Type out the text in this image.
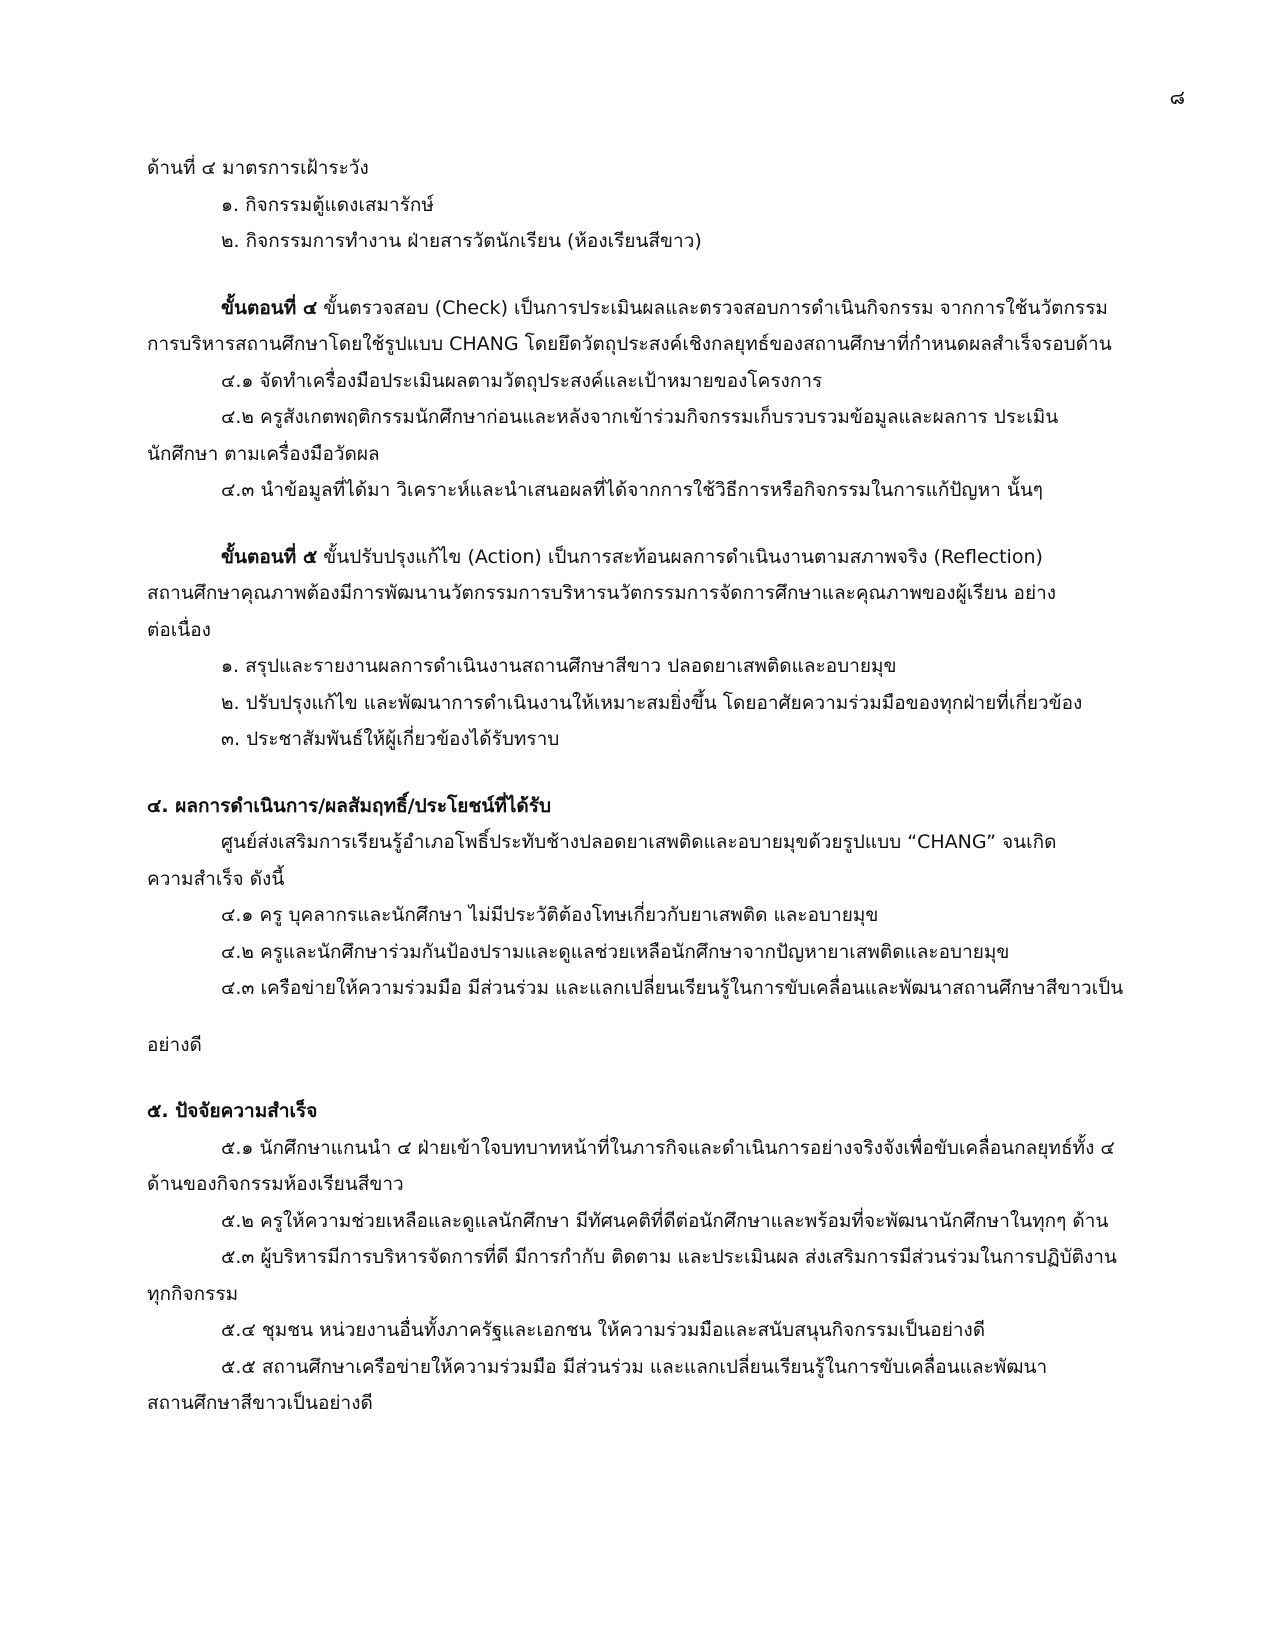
๘
ด้านที่ ๔ มาตรการเฝ้าระวัง
๑. กิจกรรมตู้แดงเสมารักษ์
๒. กิจกรรมการทำงาน ฝ่ายสารวัตนักเรียน (ห้องเรียนสีขาว)
ขั้นตอนที่ ๔ ขั้นตรวจสอบ (Check) เป็นการประเมินผลและตรวจสอบการดำเนินกิจกรรม จากการใช้นวัตกรรม
การบริหารสถานศึกษาโดยใช้รูปแบบ CHANG โดยยึดวัตถุประสงค์เชิงกลยุทธ์ของสถานศึกษาที่กำหนดผลสำเร็จรอบด้าน
๔.๑ จัดทำเครื่องมือประเมินผลตามวัตถุประสงค์และเป้าหมายของโครงการ
๔.๒ ครูสังเกตพฤติกรรมนักศึกษาก่อนและหลังจากเข้าร่วมกิจกรรมเก็บรวบรวมข้อมูลและผลการ ประเมิน
นักศึกษา ตามเครื่องมือวัดผล
๔.๓ นำข้อมูลที่ได้มา วิเคราะห์และนำเสนอผลที่ได้จากการใช้วิธีการหรือกิจกรรมในการแก้ปัญหา นั้นๆ
ขั้นตอนที่ ๕ ขั้นปรับปรุงแก้ไข (Action) เป็นการสะท้อนผลการดำเนินงานตามสภาพจริง (Reflection)
สถานศึกษาคุณภาพต้องมีการพัฒนานวัตกรรมการบริหารนวัตกรรมการจัดการศึกษาและคุณภาพของผู้เรียน อย่าง
ต่อเนื่อง
๑. สรุปและรายงานผลการดำเนินงานสถานศึกษาสีขาว ปลอดยาเสพติดและอบายมุข
๒. ปรับปรุงแก้ไข และพัฒนาการดำเนินงานให้เหมาะสมยิ่งขึ้น โดยอาศัยความร่วมมือของทุกฝ่ายที่เกี่ยวข้อง
๓. ประชาสัมพันธ์ให้ผู้เกี่ยวข้องได้รับทราบ
๔. ผลการดำเนินการ/ผลสัมฤทธิ์/ประโยชน์ที่ได้รับ
ศูนย์ส่งเสริมการเรียนรู้อำเภอโพธิ์ประทับช้างปลอดยาเสพติดและอบายมุขด้วยรูปแบบ “CHANG” จนเกิด
ความสำเร็จ ดังนี้
๔.๑ ครู บุคลากรและนักศึกษา ไม่มีประวัติต้องโทษเกี่ยวกับยาเสพติด และอบายมุข
๔.๒ ครูและนักศึกษาร่วมกันป้องปรามและดูแลช่วยเหลือนักศึกษาจากปัญหายาเสพติดและอบายมุข
๔.๓ เครือข่ายให้ความร่วมมือ มีส่วนร่วม และแลกเปลี่ยนเรียนรู้ในการขับเคลื่อนและพัฒนาสถานศึกษาสีขาวเป็น
อย่างดี
๕. ปัจจัยความสำเร็จ
๕.๑ นักศึกษาแกนนำ ๔ ฝ่ายเข้าใจบทบาทหน้าที่ในภารกิจและดำเนินการอย่างจริงจังเพื่อขับเคลื่อนกลยุทธ์ทั้ง ๔
ด้านของกิจกรรมห้องเรียนสีขาว
๕.๒ ครูให้ความช่วยเหลือและดูแลนักศึกษา มีทัศนคติที่ดีต่อนักศึกษาและพร้อมที่จะพัฒนานักศึกษาในทุกๆ ด้าน
๕.๓ ผู้บริหารมีการบริหารจัดการที่ดี มีการกำกับ ติดตาม และประเมินผล ส่งเสริมการมีส่วนร่วมในการปฏิบัติงาน
ทุกกิจกรรม
๕.๔ ชุมชน หน่วยงานอื่นทั้งภาครัฐและเอกชน ให้ความร่วมมือและสนับสนุนกิจกรรมเป็นอย่างดี
๕.๕ สถานศึกษาเครือข่ายให้ความร่วมมือ มีส่วนร่วม และแลกเปลี่ยนเรียนรู้ในการขับเคลื่อนและพัฒนา
สถานศึกษาสีขาวเป็นอย่างดี
